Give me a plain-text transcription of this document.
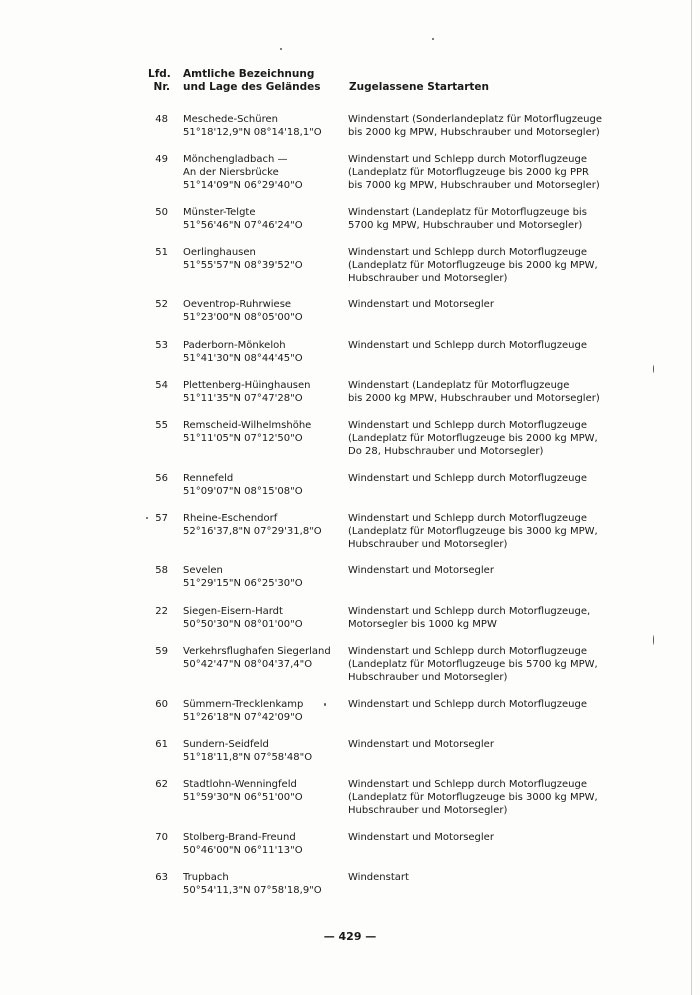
Lfd.
Nr.
Amtliche Bezeichnung
und Lage des Geländes	Zugelassene Startarten
48 Meschede-Schüren
51°18'12,9"N 08°14'18,1"O
Windenstart (Sonderlandeplatz für Motorflugzeuge
bis 2000 kg MPW, Hubschrauber und Motorsegler)
49 Mönchengladbach —
An der Niersbrücke
51°14'09"N 06°29'40"O
Windenstart und Schlepp durch Motorflugzeuge
(Landeplatz für Motorflugzeuge bis 2000 kg PPR
bis 7000 kg MPW, Hubschrauber und Motorsegler)
50 Münster-Telgte
51°56'46"N 07°46'24"O
Windenstart (Landeplatz für Motorflugzeuge bis
5700 kg MPW, Hubschrauber und Motorsegler)
51 Oerlinghausen
51°55'57"N 08°39'52"O
Windenstart und Schlepp durch Motorflugzeuge
(Landeplatz für Motorflugzeuge bis 2000 kg MPW,
Hubschrauber und Motorsegler)
52 Oeventrop-Ruhrwiese
51°23'00"N 08°05'00"O
Windenstart und Motorsegler
53 Paderborn-Mönkeloh
51°41'30"N 08°44'45"O
Windenstart und Schlepp durch Motorflugzeuge
54 Plettenberg-Hüinghausen
51°11'35"N 07°47'28"O
Windenstart (Landeplatz für Motorflugzeuge
bis 2000 kg MPW, Hubschrauber und Motorsegler)
55 Remscheid-Wilhelmshöhe
51°11'05"N 07°12'50"O
Windenstart und Schlepp durch Motorflugzeuge
(Landeplatz für Motorflugzeuge bis 2000 kg MPW,
Do 28, Hubschrauber und Motorsegler)
56 Rennefeld
51°09'07"N 08°15'08"O
Windenstart und Schlepp durch Motorflugzeuge
57 Rheine-Eschendorf
52°16'37,8"N 07°29'31,8"O
Windenstart und Schlepp durch Motorflugzeuge
(Landeplatz für Motorflugzeuge bis 3000 kg MPW,
Hubschrauber und Motorsegler)
58 Sevelen
51°29'15"N 06°25'30"O
Windenstart und Motorsegler
22 Siegen-Eisern-Hardt
50°50'30"N 08°01'00"O
Windenstart und Schlepp durch Motorflugzeuge,
Motorsegler bis 1000 kg MPW
59 Verkehrsflughafen Siegerland
50°42'47"N 08°04'37,4"O
Windenstart und Schlepp durch Motorflugzeuge
(Landeplatz für Motorflugzeuge bis 5700 kg MPW,
Hubschrauber und Motorsegler)
60 Sümmern-Trecklenkamp
51°26'18"N 07°42'09"O
Windenstart und Schlepp durch Motorflugzeuge
61 Sundern-Seidfeld
51°18'11,8"N 07°58'48"O
Windenstart und Motorsegler
62 Stadtlohn-Wenningfeld
51°59'30"N 06°51'00"O
Windenstart und Schlepp durch Motorflugzeuge
(Landeplatz für Motorflugzeuge bis 3000 kg MPW,
Hubschrauber und Motorsegler)
70 Stolberg-Brand-Freund
50°46'00"N 06°11'13"O
Windenstart und Motorsegler
63 Trupbach
50°54'11,3"N 07°58'18,9"O
Windenstart
— 429 —
